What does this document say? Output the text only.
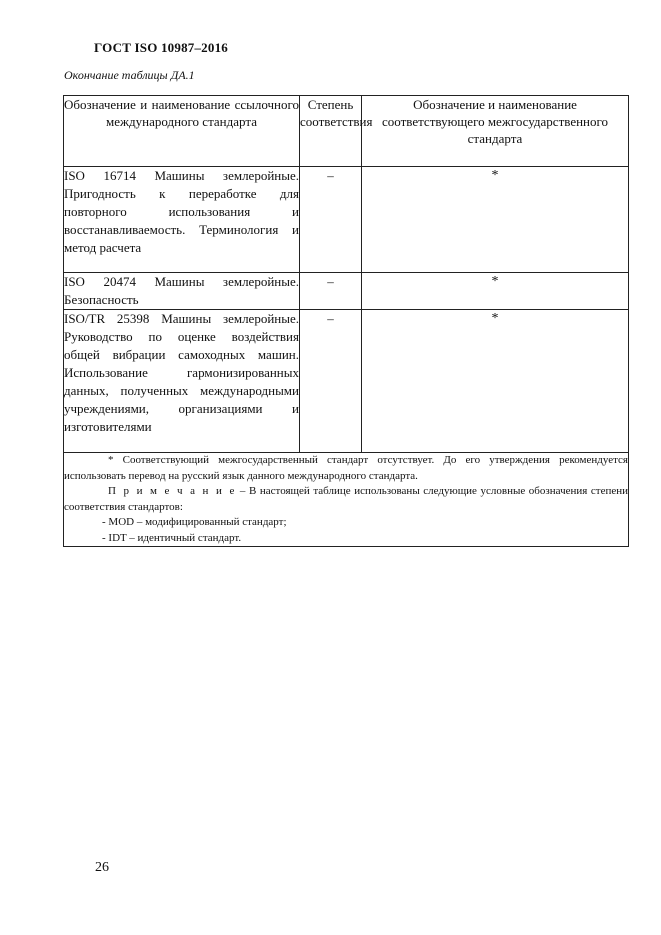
ГОСТ ISO 10987–2016
Окончание таблицы ДА.1
Обозначение и наименование ссылочного международного стандарта	Степень соответствия	Обозначение и наименование соответствующего межгосударственного стандарта
ISO 16714 Машины землеройные. Пригодность к переработке для повторного использования и восстанавливаемость. Терминология и метод расчета	–	*
ISO 20474 Машины землеройные. Безопасность	–	*
ISO/TR 25398 Машины землеройные. Руководство по оценке воздействия общей вибрации самоходных машин. Использование гармонизированных данных, полученных международными учреждениями, организациями и изготовителями	–	*

* Соответствующий межгосударственный стандарт отсутствует. До его утверждения рекомендуется использовать перевод на русский язык данного международного стандарта.

П р и м е ч а н и е – В настоящей таблице использованы следующие условные обозначения степени соответствия стандартов:

- MOD – модифицированный стандарт;

- IDT – идентичный стандарт.		

26
